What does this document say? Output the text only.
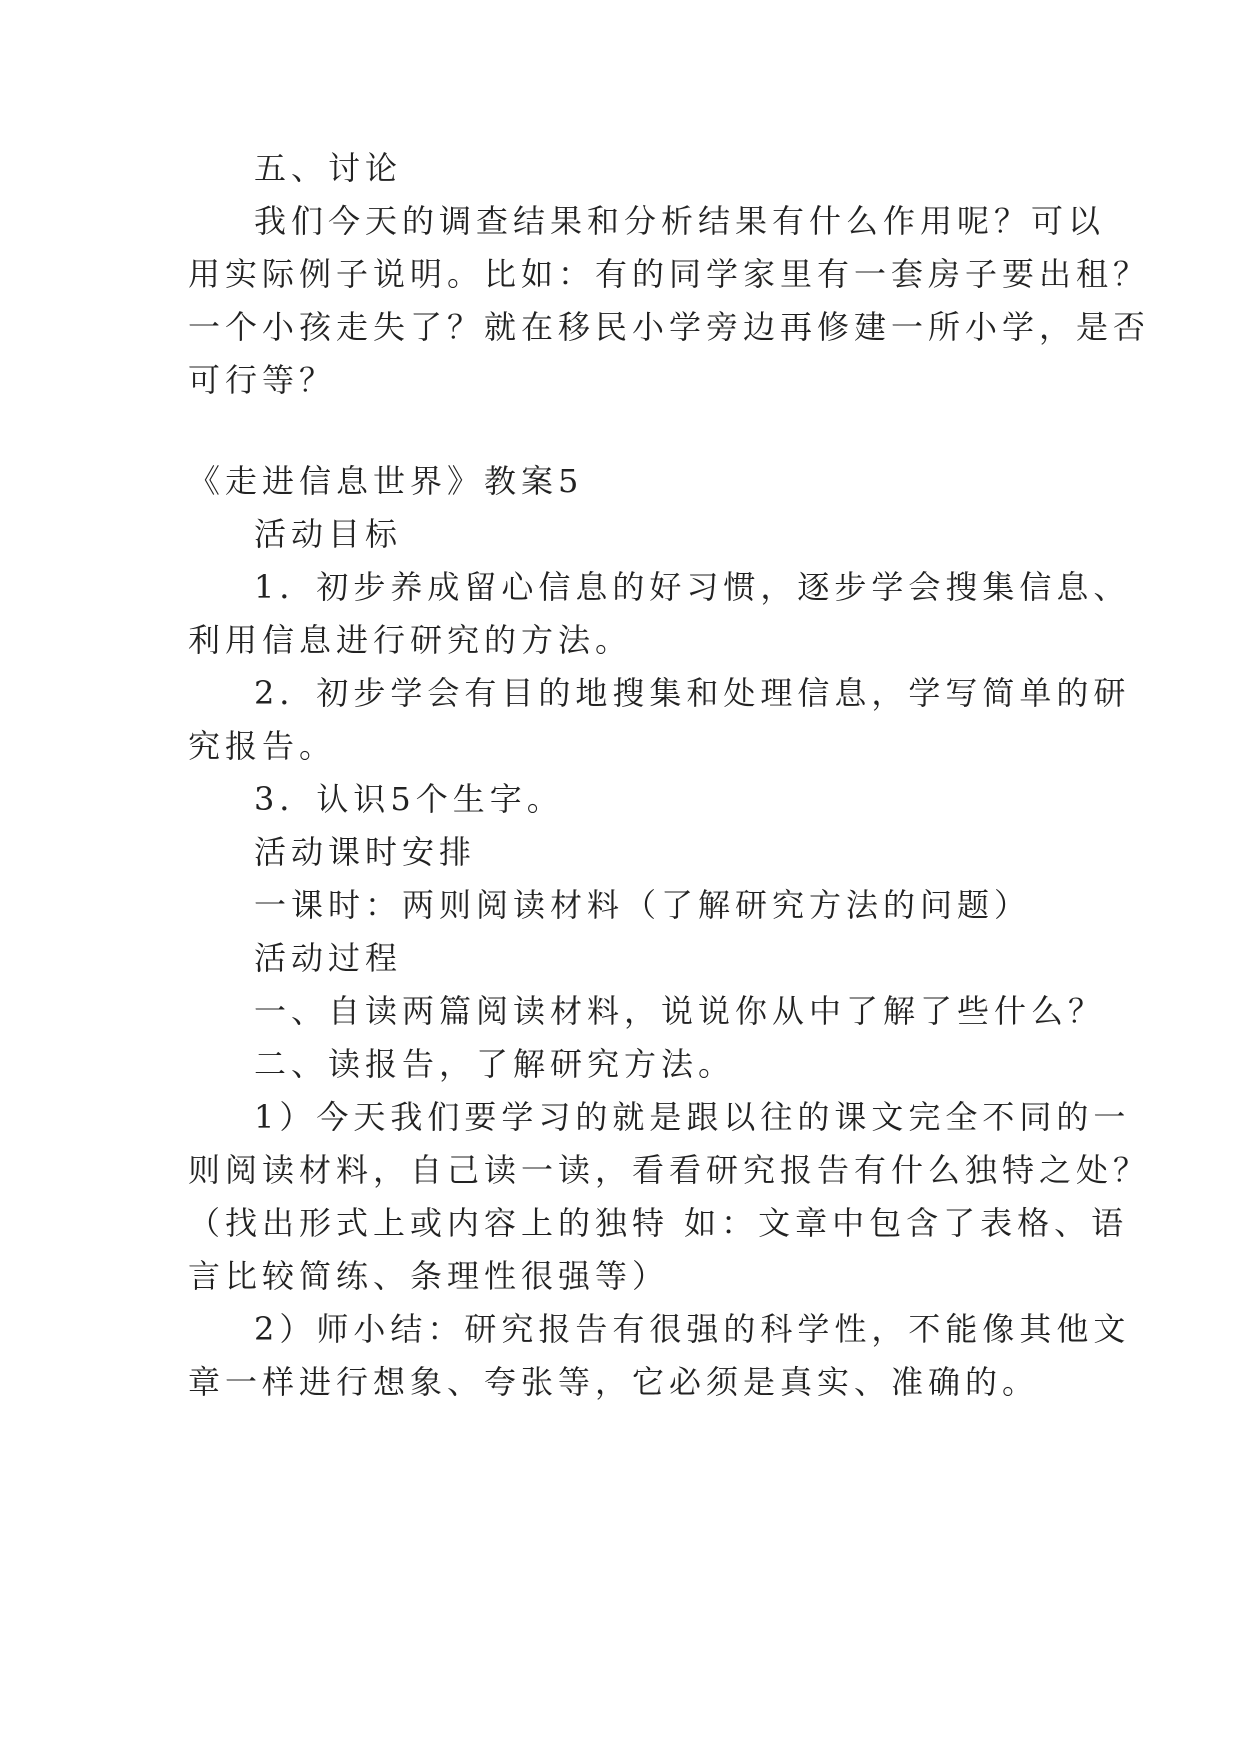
五、讨论
我们今天的调查结果和分析结果有什么作用呢？可以
用实际例子说明。比如：有的同学家里有一套房子要出租？
一个小孩走失了？就在移民小学旁边再修建一所小学，是否
可行等？
《走进信息世界》教案5
活动目标
1．初步养成留心信息的好习惯，逐步学会搜集信息、
利用信息进行研究的方法。
2．初步学会有目的地搜集和处理信息，学写简单的研
究报告。
3．认识5个生字。
活动课时安排
一课时：两则阅读材料（了解研究方法的问题）
活动过程
一、自读两篇阅读材料，说说你从中了解了些什么？
二、读报告，了解研究方法。
1）今天我们要学习的就是跟以往的课文完全不同的一
则阅读材料，自己读一读，看看研究报告有什么独特之处？
（找出形式上或内容上的独特 如：文章中包含了表格、语
言比较简练、条理性很强等）
2）师小结：研究报告有很强的科学性，不能像其他文
章一样进行想象、夸张等，它必须是真实、准确的。
